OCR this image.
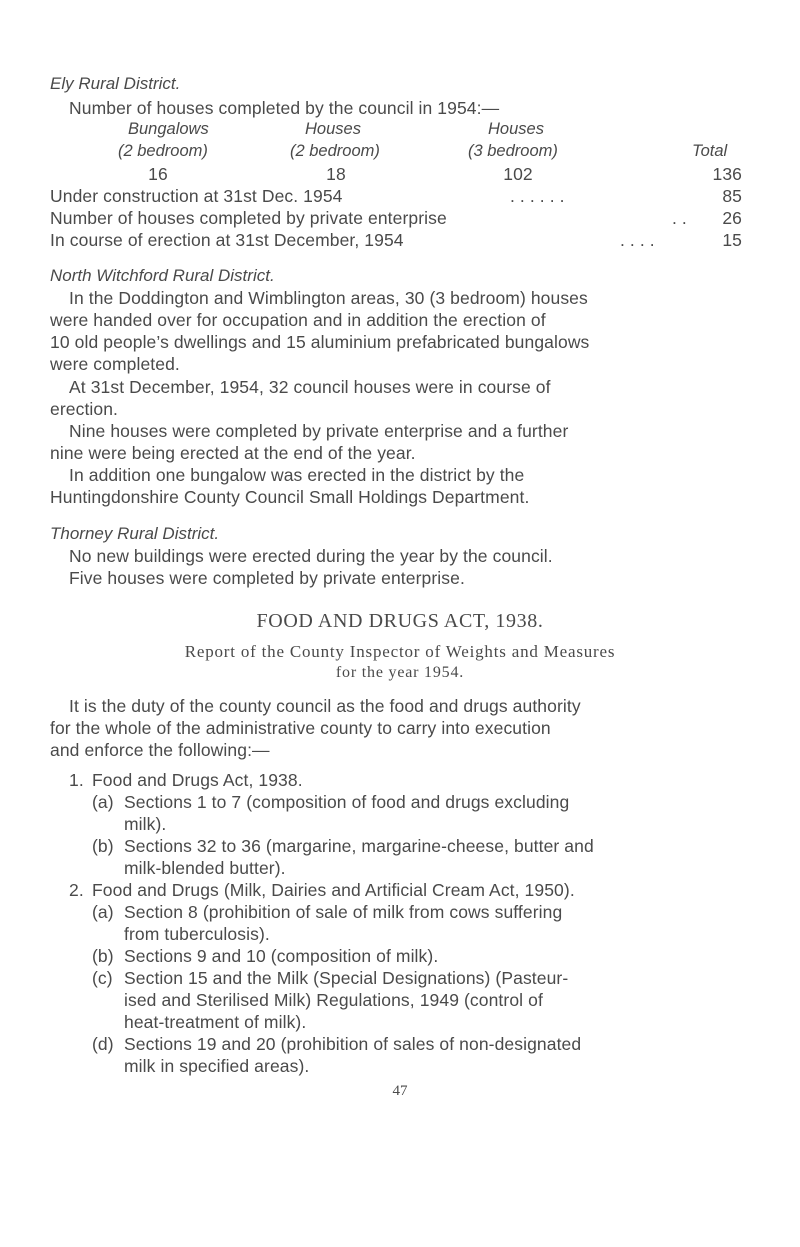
Ely Rural District.
Number of houses completed by the council in 1954:—
Bungalows	Houses	Houses
(2 bedroom)	(2 bedroom)	(3 bedroom)	Total
16	18	102	136
Under construction at 31st Dec. 1954	. . . . . .	85
Number of houses completed by private enterprise	. .	26
In course of erection at 31st December, 1954	. . . .	15
North Witchford Rural District.
In the Doddington and Wimblington areas, 30 (3 bedroom) houses
were handed over for occupation and in addition the erection of
10 old people’s dwellings and 15 aluminium prefabricated bungalows
were completed.
At 31st December, 1954, 32 council houses were in course of
erection.
Nine houses were completed by private enterprise and a further
nine were being erected at the end of the year.
In addition one bungalow was erected in the district by the
Huntingdonshire County Council Small Holdings Department.
Thorney Rural District.
No new buildings were erected during the year by the council.
Five houses were completed by private enterprise.
FOOD AND DRUGS ACT, 1938.
Report of the County Inspector of Weights and Measures
for the year 1954.
It is the duty of the county council as the food and drugs authority
for the whole of the administrative county to carry into execution
and enforce the following:—
1. Food and Drugs Act, 1938.
(a) Sections 1 to 7 (composition of food and drugs excluding
milk).
(b) Sections 32 to 36 (margarine, margarine-cheese, butter and
milk-blended butter).
2. Food and Drugs (Milk, Dairies and Artificial Cream Act, 1950).
(a) Section 8 (prohibition of sale of milk from cows suffering
from tuberculosis).
(b) Sections 9 and 10 (composition of milk).
(c) Section 15 and the Milk (Special Designations) (Pasteur-
ised and Sterilised Milk) Regulations, 1949 (control of
heat-treatment of milk).
(d) Sections 19 and 20 (prohibition of sales of non-designated
milk in specified areas).
47
